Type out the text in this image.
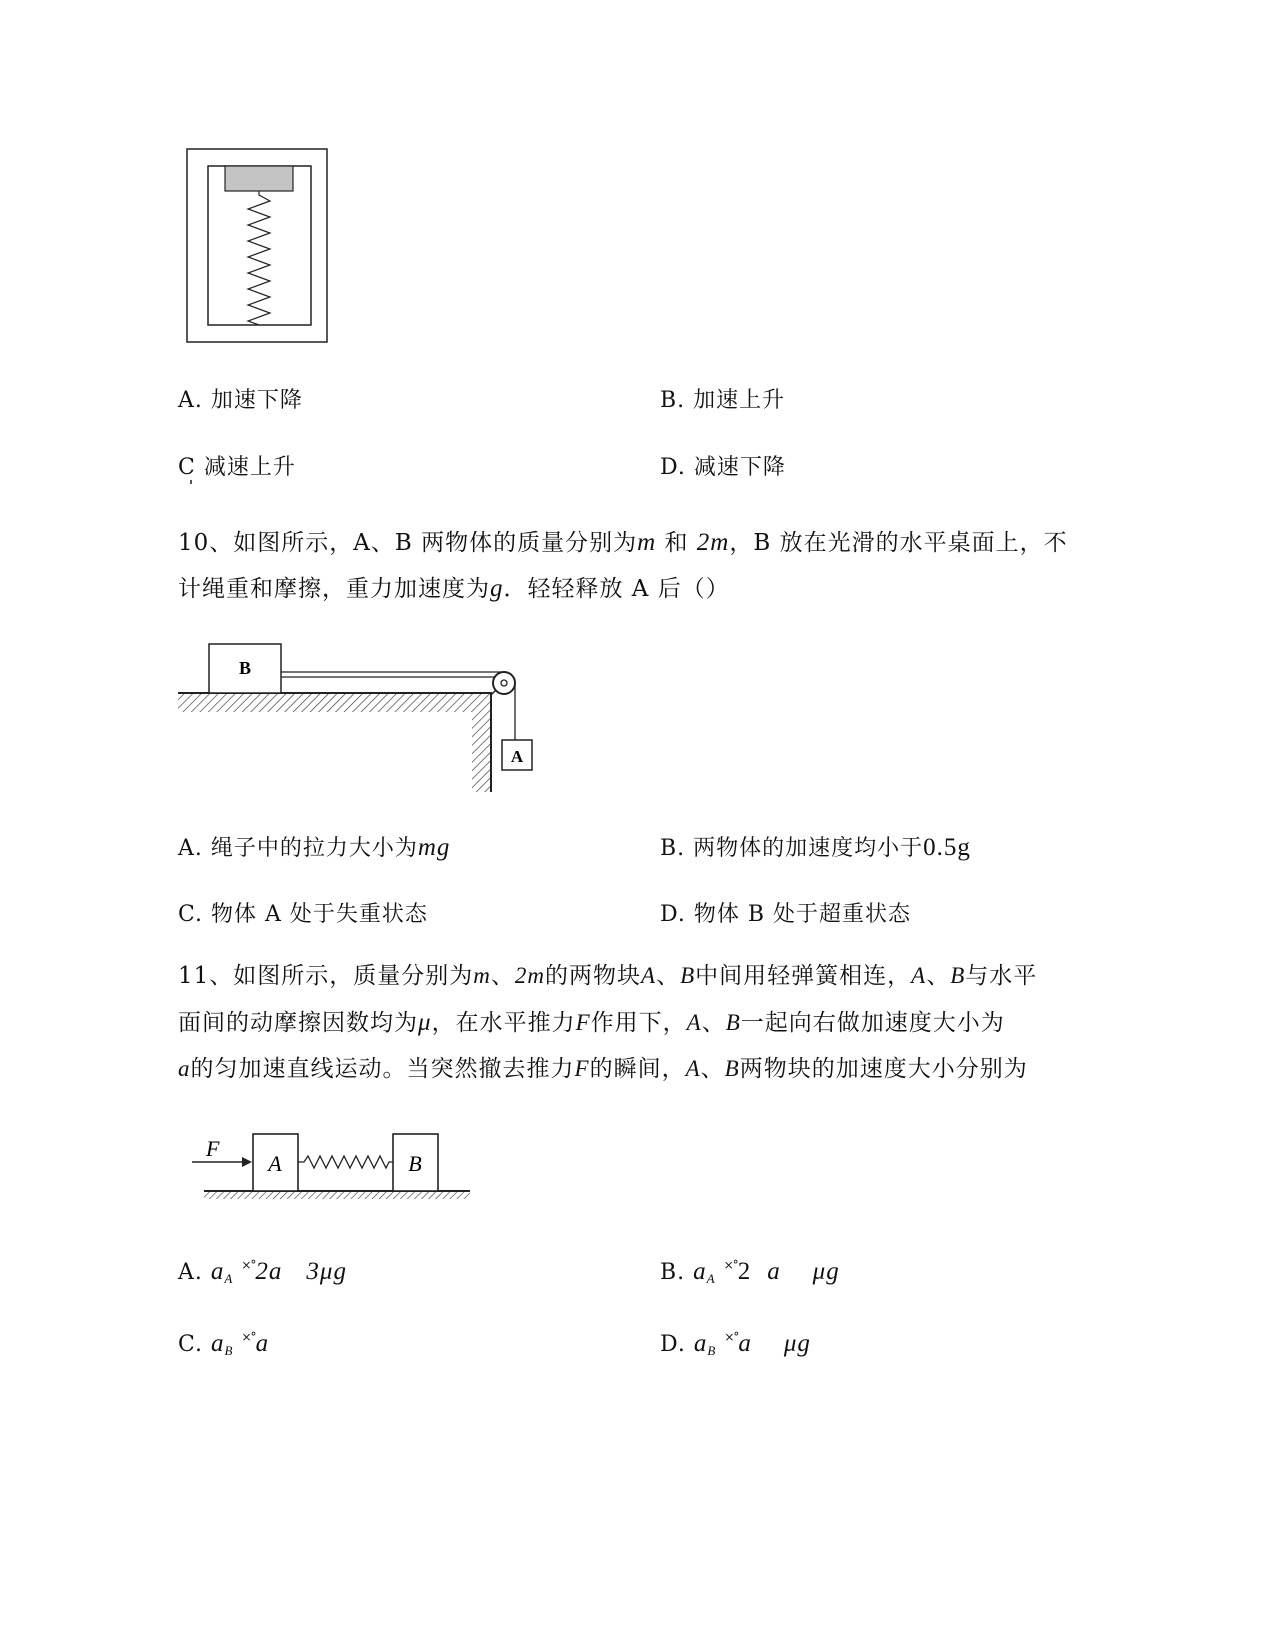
A. 加速下降	B. 加速上升
C 减速上升	D. 减速下降
10、如图所示，A、B 两物体的质量分别为m 和 2m，B 放在光滑的水平桌面上，不
计绳重和摩擦，重力加速度为g．轻轻释放 A 后（）
B
A
A. 绳子中的拉力大小为mg	B. 两物体的加速度均小于0.5g
C. 物体 A 处于失重状态	D. 物体 B 处于超重状态
11、如图所示，质量分别为m、2m的两物块A、B中间用轻弹簧相连，A、B与水平
面间的动摩擦因数均为μ，在水平推力F作用下，A、B一起向右做加速度大小为
a的匀加速直线运动。当突然撤去推力F的瞬间，A、B两物块的加速度大小分别为
F
A	B
A. $a_A$ ×°2a 3μg	B. $a_A$ ×°2 a μg
C. $a_B$ ×°a	D. $a_B$ ×°a μg
